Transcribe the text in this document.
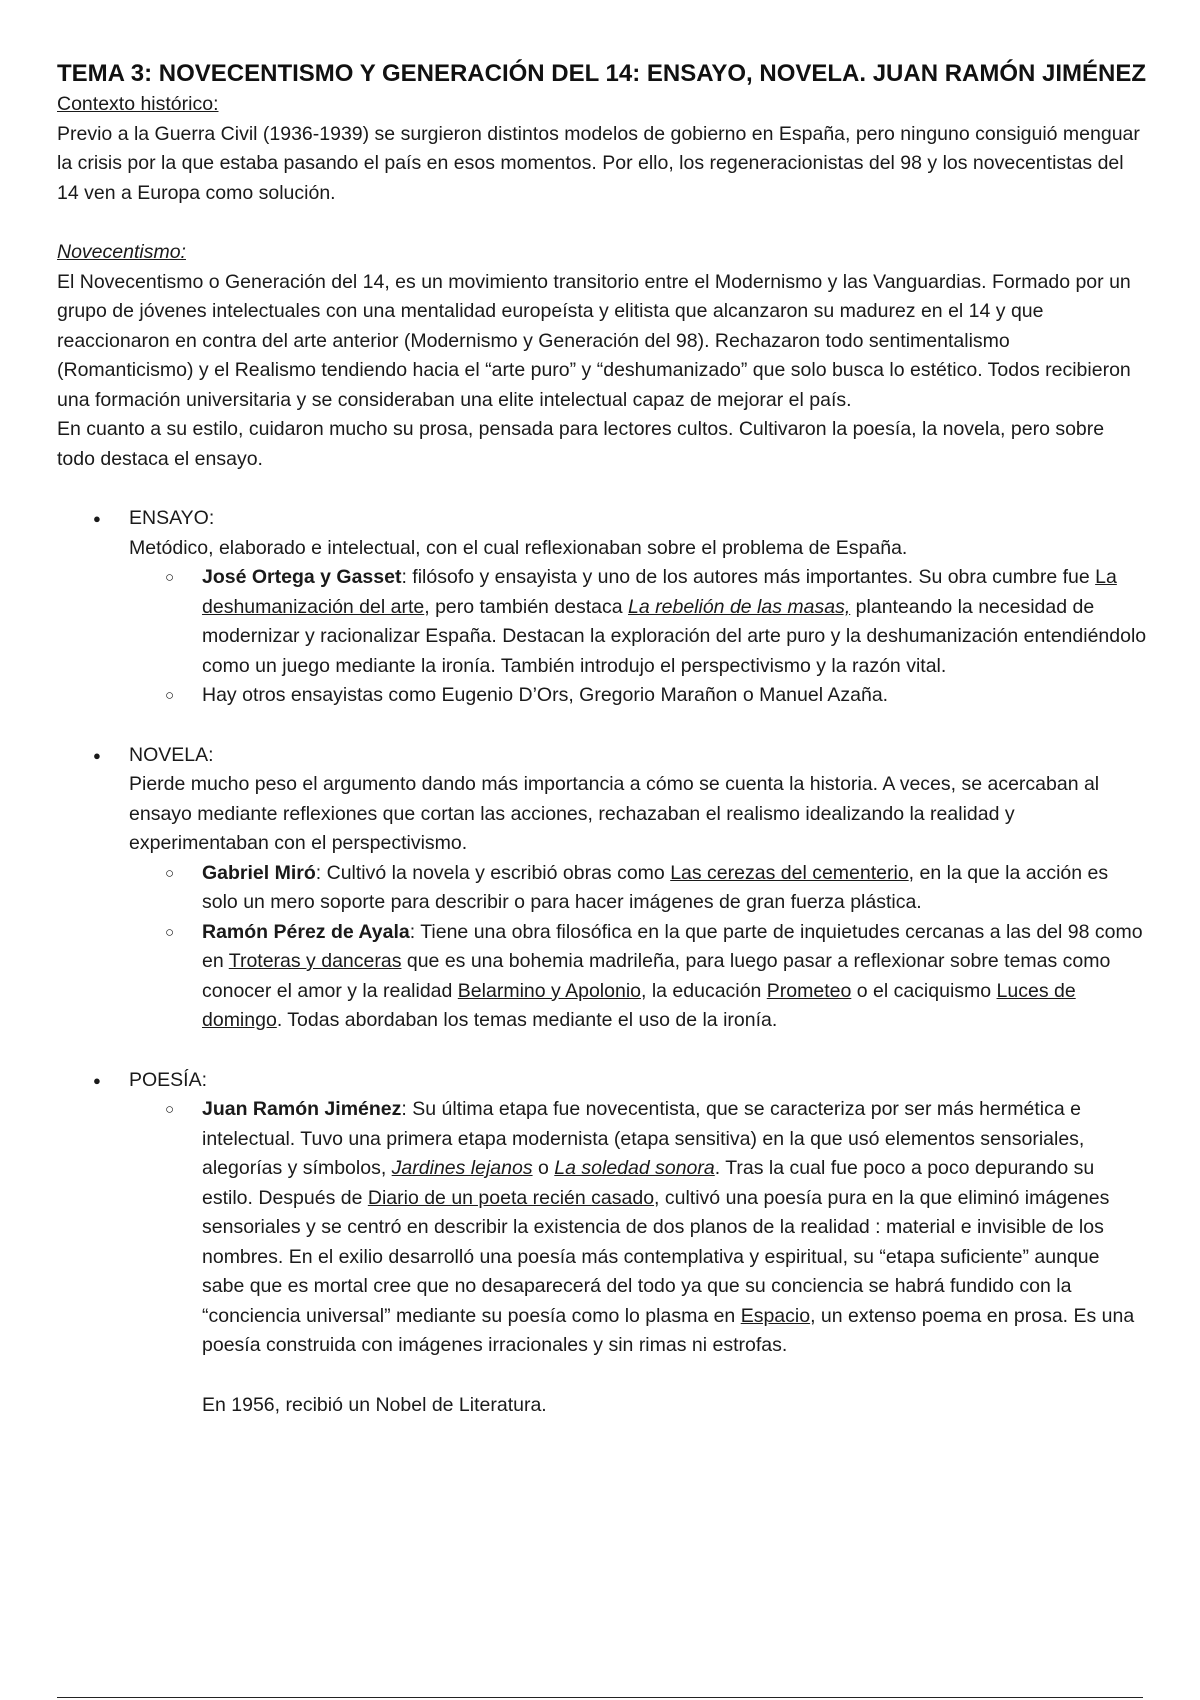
TEMA 3: NOVECENTISMO Y GENERACIÓN DEL 14: ENSAYO, NOVELA. JUAN RAMÓN JIMÉNEZ

Contexto histórico:

Previo a la Guerra Civil (1936-1939) se surgieron distintos modelos de gobierno en España, pero ninguno consiguió menguar la crisis por la que estaba pasando el país en esos momentos. Por ello, los regeneracionistas del 98 y los novecentistas del 14 ven a Europa como solución.

Novecentismo:

El Novecentismo o Generación del 14, es un movimiento transitorio entre el Modernismo y las Vanguardias. Formado por un grupo de jóvenes intelectuales con una mentalidad europeísta y elitista que alcanzaron su madurez en el 14 y que reaccionaron en contra del arte anterior (Modernismo y Generación del 98). Rechazaron todo sentimentalismo (Romanticismo) y el Realismo tendiendo hacia el “arte puro” y “deshumanizado” que solo busca lo estético. Todos recibieron una formación universitaria y se consideraban una elite intelectual capaz de mejorar el país.

En cuanto a su estilo, cuidaron mucho su prosa, pensada para lectores cultos. Cultivaron la poesía, la novela, pero sobre todo destaca el ensayo.

● ENSAYO:
Metódico, elaborado e intelectual, con el cual reflexionaban sobre el problema de España.
○ José Ortega y Gasset: filósofo y ensayista y uno de los autores más importantes. Su obra cumbre fue La deshumanización del arte, pero también destaca La rebelión de las masas, planteando la necesidad de modernizar y racionalizar España. Destacan la exploración del arte puro y la deshumanización entendiéndolo como un juego mediante la ironía. También introdujo el perspectivismo y la razón vital.
○ Hay otros ensayistas como Eugenio D’Ors, Gregorio Marañon o Manuel Azaña.
● NOVELA:
Pierde mucho peso el argumento dando más importancia a cómo se cuenta la historia. A veces, se acercaban al ensayo mediante reflexiones que cortan las acciones, rechazaban el realismo idealizando la realidad y experimentaban con el perspectivismo.
○ Gabriel Miró: Cultivó la novela y escribió obras como Las cerezas del cementerio, en la que la acción es solo un mero soporte para describir o para hacer imágenes de gran fuerza plástica.
○ Ramón Pérez de Ayala: Tiene una obra filosófica en la que parte de inquietudes cercanas a las del 98 como en Troteras y danceras que es una bohemia madrileña, para luego pasar a reflexionar sobre temas como conocer el amor y la realidad Belarmino y Apolonio, la educación Prometeo o el caciquismo Luces de domingo. Todas abordaban los temas mediante el uso de la ironía.
● POESÍA:
○ Juan Ramón Jiménez: Su última etapa fue novecentista, que se caracteriza por ser más hermética e intelectual. Tuvo una primera etapa modernista (etapa sensitiva) en la que usó elementos sensoriales, alegorías y símbolos, Jardines lejanos o La soledad sonora. Tras la cual fue poco a poco depurando su estilo. Después de Diario de un poeta recién casado, cultivó una poesía pura en la que eliminó imágenes sensoriales y se centró en describir la existencia de dos planos de la realidad : material e invisible de los nombres. En el exilio desarrolló una poesía más contemplativa y espiritual, su “etapa suficiente” aunque sabe que es mortal cree que no desaparecerá del todo ya que su conciencia se habrá fundido con la “conciencia universal” mediante su poesía como lo plasma en Espacio, un extenso poema en prosa. Es una poesía construida con imágenes irracionales y sin rimas ni estrofas.
En 1956, recibió un Nobel de Literatura.
